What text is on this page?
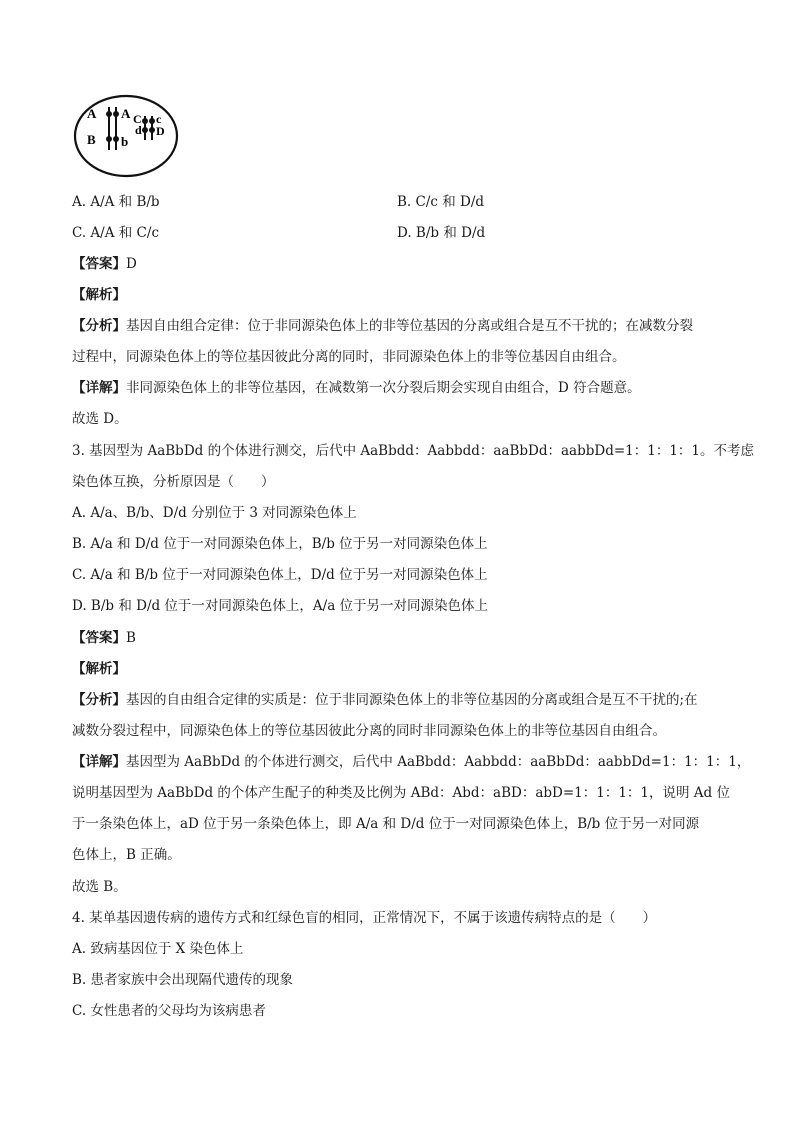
A A
B b
C c
d D
A. A/A 和 B/b	B. C/c 和 D/d
C. A/A 和 C/c	D. B/b 和 D/d
【答案】D
【解析】
【分析】基因自由组合定律：位于非同源染色体上的非等位基因的分离或组合是互不干扰的；在减数分裂
过程中，同源染色体上的等位基因彼此分离的同时，非同源染色体上的非等位基因自由组合。
【详解】非同源染色体上的非等位基因，在减数第一次分裂后期会实现自由组合，D 符合题意。
故选 D。
3. 基因型为 AaBbDd 的个体进行测交，后代中 AaBbdd：Aabbdd：aaBbDd：aabbDd=1：1：1：1。不考虑
染色体互换，分析原因是（　　）
A. A/a、B/b、D/d 分别位于 3 对同源染色体上
B. A/a 和 D/d 位于一对同源染色体上，B/b 位于另一对同源染色体上
C. A/a 和 B/b 位于一对同源染色体上，D/d 位于另一对同源染色体上
D. B/b 和 D/d 位于一对同源染色体上，A/a 位于另一对同源染色体上
【答案】B
【解析】
【分析】基因的自由组合定律的实质是：位于非同源染色体上的非等位基因的分离或组合是互不干扰的;在
减数分裂过程中，同源染色体上的等位基因彼此分离的同时非同源染色体上的非等位基因自由组合。
【详解】基因型为 AaBbDd 的个体进行测交，后代中 AaBbdd：Aabbdd：aaBbDd：aabbDd=1：1：1：1，
说明基因型为 AaBbDd 的个体产生配子的种类及比例为 ABd：Abd：aBD：abD=1：1：1：1，说明 Ad 位
于一条染色体上，aD 位于另一条染色体上，即 A/a 和 D/d 位于一对同源染色体上，B/b 位于另一对同源
色体上，B 正确。
故选 B。
4. 某单基因遗传病的遗传方式和红绿色盲的相同，正常情况下，不属于该遗传病特点的是（　　）
A. 致病基因位于 X 染色体上
B. 患者家族中会出现隔代遗传的现象
C. 女性患者的父母均为该病患者
